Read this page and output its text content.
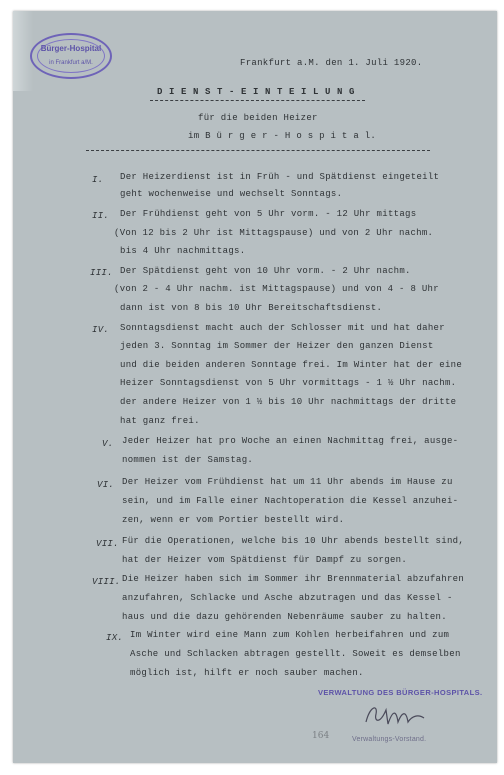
Bürger-Hospital
in Frankfurt a/M.	Frankfurt a.M. den 1. Juli 1920.
D I E N S T - E I N T E I L U N G
für die beiden Heizer
im B ü r g e r - H o s p i t a l.
I. Der Heizerdienst ist in Früh - und Spätdienst eingeteilt
geht wochenweise und wechselt Sonntags.
II. Der Frühdienst geht von 5 Uhr vorm. - 12 Uhr mittags
(Von 12 bis 2 Uhr ist Mittagspause) und von 2 Uhr nachm.
bis 4 Uhr nachmittags.
III. Der Spätdienst geht von 10 Uhr vorm. - 2 Uhr nachm.
(von 2 - 4 Uhr nachm. ist Mittagspause) und von 4 - 8 Uhr
dann ist von 8 bis 10 Uhr Bereitschaftsdienst.
IV. Sonntagsdienst macht auch der Schlosser mit und hat daher
jeden 3. Sonntag im Sommer der Heizer den ganzen Dienst
und die beiden anderen Sonntage frei. Im Winter hat der eine
Heizer Sonntagsdienst von 5 Uhr vormittags - 1 ½ Uhr nachm.
der andere Heizer von 1 ½ bis 10 Uhr nachmittags der dritte
hat ganz frei.
V. Jeder Heizer hat pro Woche an einen Nachmittag frei, ausge-
nommen ist der Samstag.
VI. Der Heizer vom Frühdienst hat um 11 Uhr abends im Hause zu
sein, und im Falle einer Nachtoperation die Kessel anzuhei-
zen, wenn er vom Portier bestellt wird.
VII. Für die Operationen, welche bis 10 Uhr abends bestellt sind,
hat der Heizer vom Spätdienst für Dampf zu sorgen.
VIII. Die Heizer haben sich im Sommer ihr Brennmaterial abzufahren
anzufahren, Schlacke und Asche abzutragen und das Kessel -
haus und die dazu gehörenden Nebenräume sauber zu halten.
IX. Im Winter wird eine Mann zum Kohlen herbeifahren und zum
Asche und Schlacken abtragen gestellt. Soweit es demselben
möglich ist, hilft er noch sauber machen.
VERWALTUNG DES BÜRGER-HOSPITALS.
164	Verwaltungs-Vorstand.
